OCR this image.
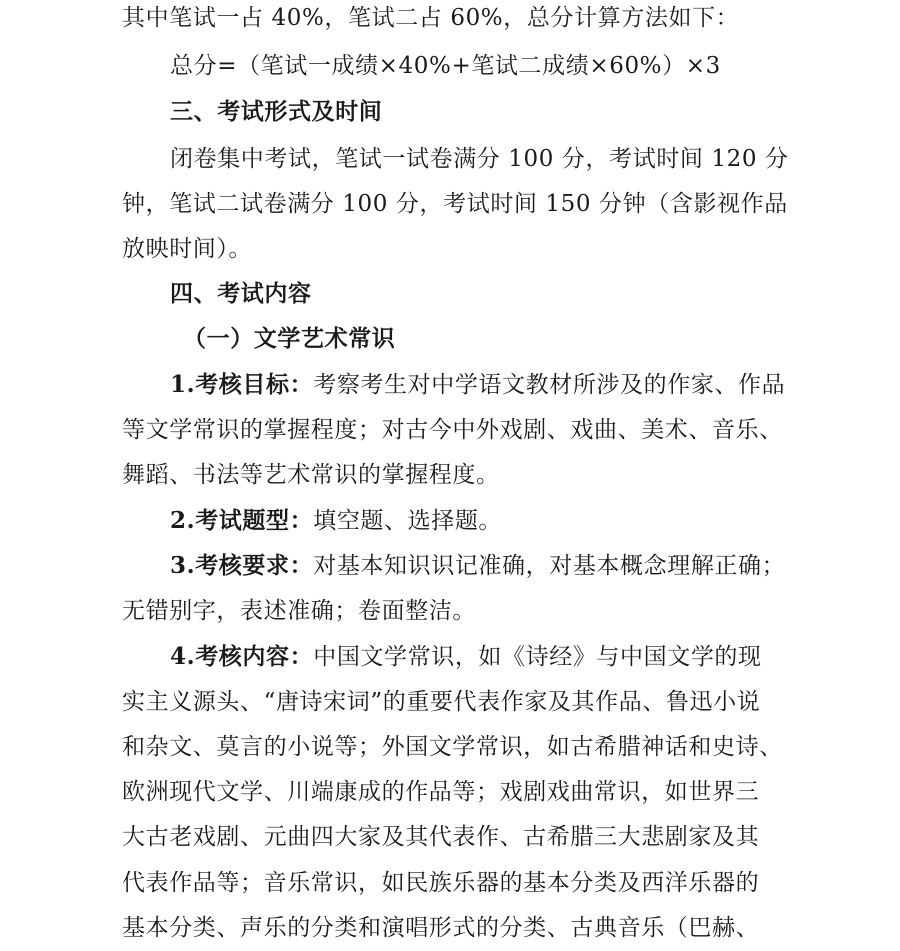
其中笔试一占 40%，笔试二占 60%，总分计算方法如下：
总分=（笔试一成绩×40%+笔试二成绩×60%）×3
三、考试形式及时间
闭卷集中考试，笔试一试卷满分 100 分，考试时间 120 分
钟，笔试二试卷满分 100 分，考试时间 150 分钟（含影视作品
放映时间）。
四、考试内容
（一）文学艺术常识
1.考核目标：考察考生对中学语文教材所涉及的作家、作品
等文学常识的掌握程度；对古今中外戏剧、戏曲、美术、音乐、
舞蹈、书法等艺术常识的掌握程度。
2.考试题型：填空题、选择题。
3.考核要求：对基本知识识记准确，对基本概念理解正确；
无错别字，表述准确；卷面整洁。
4.考核内容：中国文学常识，如《诗经》与中国文学的现
实主义源头、“唐诗宋词”的重要代表作家及其作品、鲁迅小说
和杂文、莫言的小说等；外国文学常识，如古希腊神话和史诗、
欧洲现代文学、川端康成的作品等；戏剧戏曲常识，如世界三
大古老戏剧、元曲四大家及其代表作、古希腊三大悲剧家及其
代表作品等；音乐常识，如民族乐器的基本分类及西洋乐器的
基本分类、声乐的分类和演唱形式的分类、古典音乐（巴赫、
